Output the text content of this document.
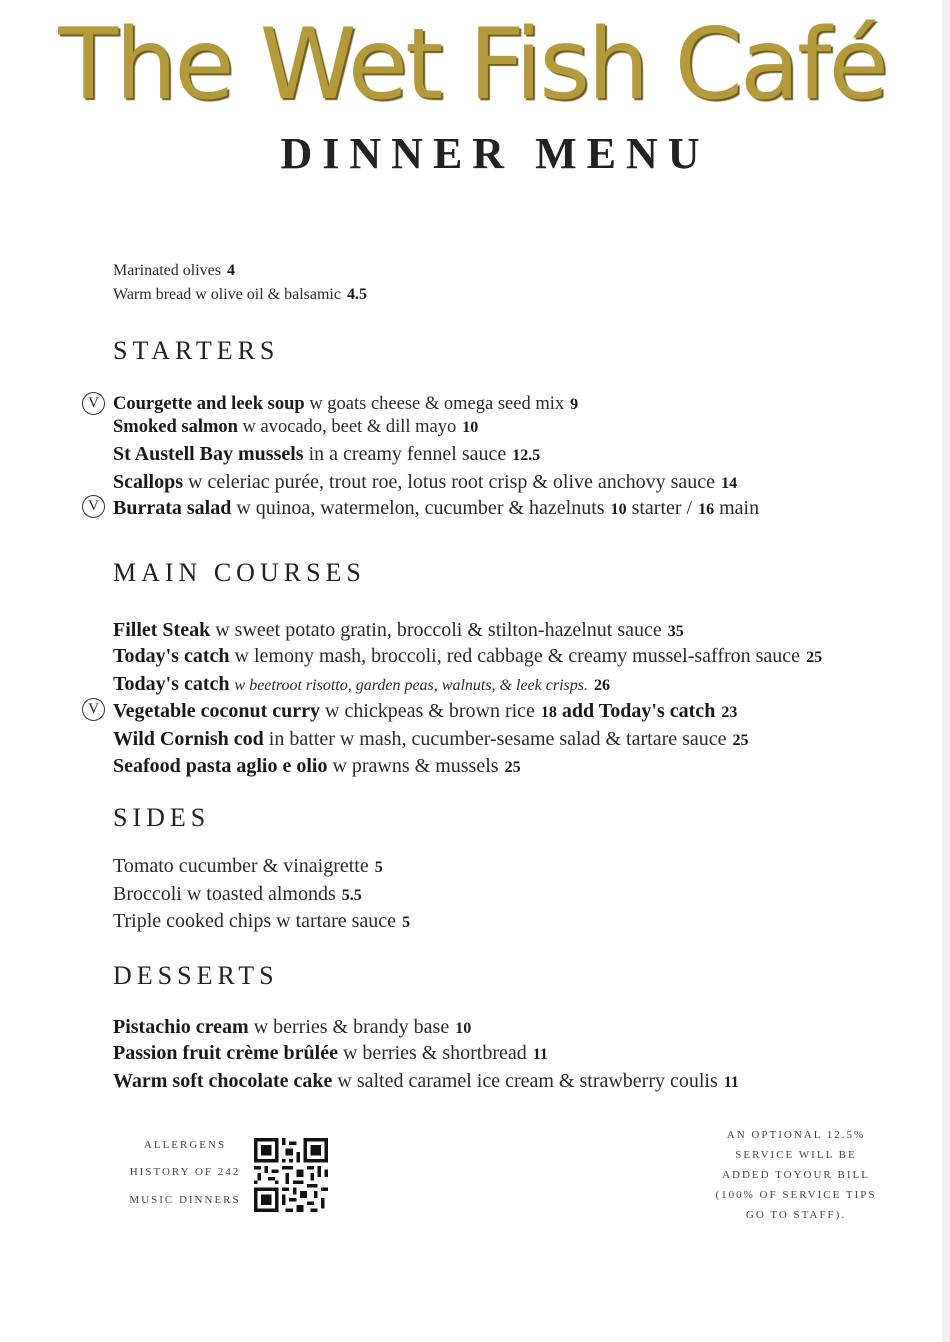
The Wet Fish Café
DINNER MENU
Marinated olives 4
Warm bread w olive oil & balsamic 4.5
STARTERS
V Courgette and leek soup w goats cheese & omega seed mix 9
Smoked salmon w avocado, beet & dill mayo 10
St Austell Bay mussels in a creamy fennel sauce 12.5
Scallops w celeriac purée, trout roe, lotus root crisp & olive anchovy sauce 14
V Burrata salad w quinoa, watermelon, cucumber & hazelnuts 10 starter / 16 main
MAIN COURSES
Fillet Steak w sweet potato gratin, broccoli & stilton-hazelnut sauce 35
Today's catch w lemony mash, broccoli, red cabbage & creamy mussel-saffron sauce 25
Today's catch w beetroot risotto, garden peas, walnuts, & leek crisps. 26
V Vegetable coconut curry w chickpeas & brown rice 18 add Today's catch 23
Wild Cornish cod in batter w mash, cucumber-sesame salad & tartare sauce 25
Seafood pasta aglio e olio w prawns & mussels 25
SIDES
Tomato cucumber & vinaigrette 5
Broccoli w toasted almonds 5.5
Triple cooked chips w tartare sauce 5
DESSERTS
Pistachio cream w berries & brandy base 10
Passion fruit crème brûlée w berries & shortbread 11
Warm soft chocolate cake w salted caramel ice cream & strawberry coulis 11
ALLERGENS
HISTORY OF 242
MUSIC DINNERS
AN OPTIONAL 12.5%
SERVICE WILL BE
ADDED TOYOUR BILL
(100% OF SERVICE TIPS
GO TO STAFF).
